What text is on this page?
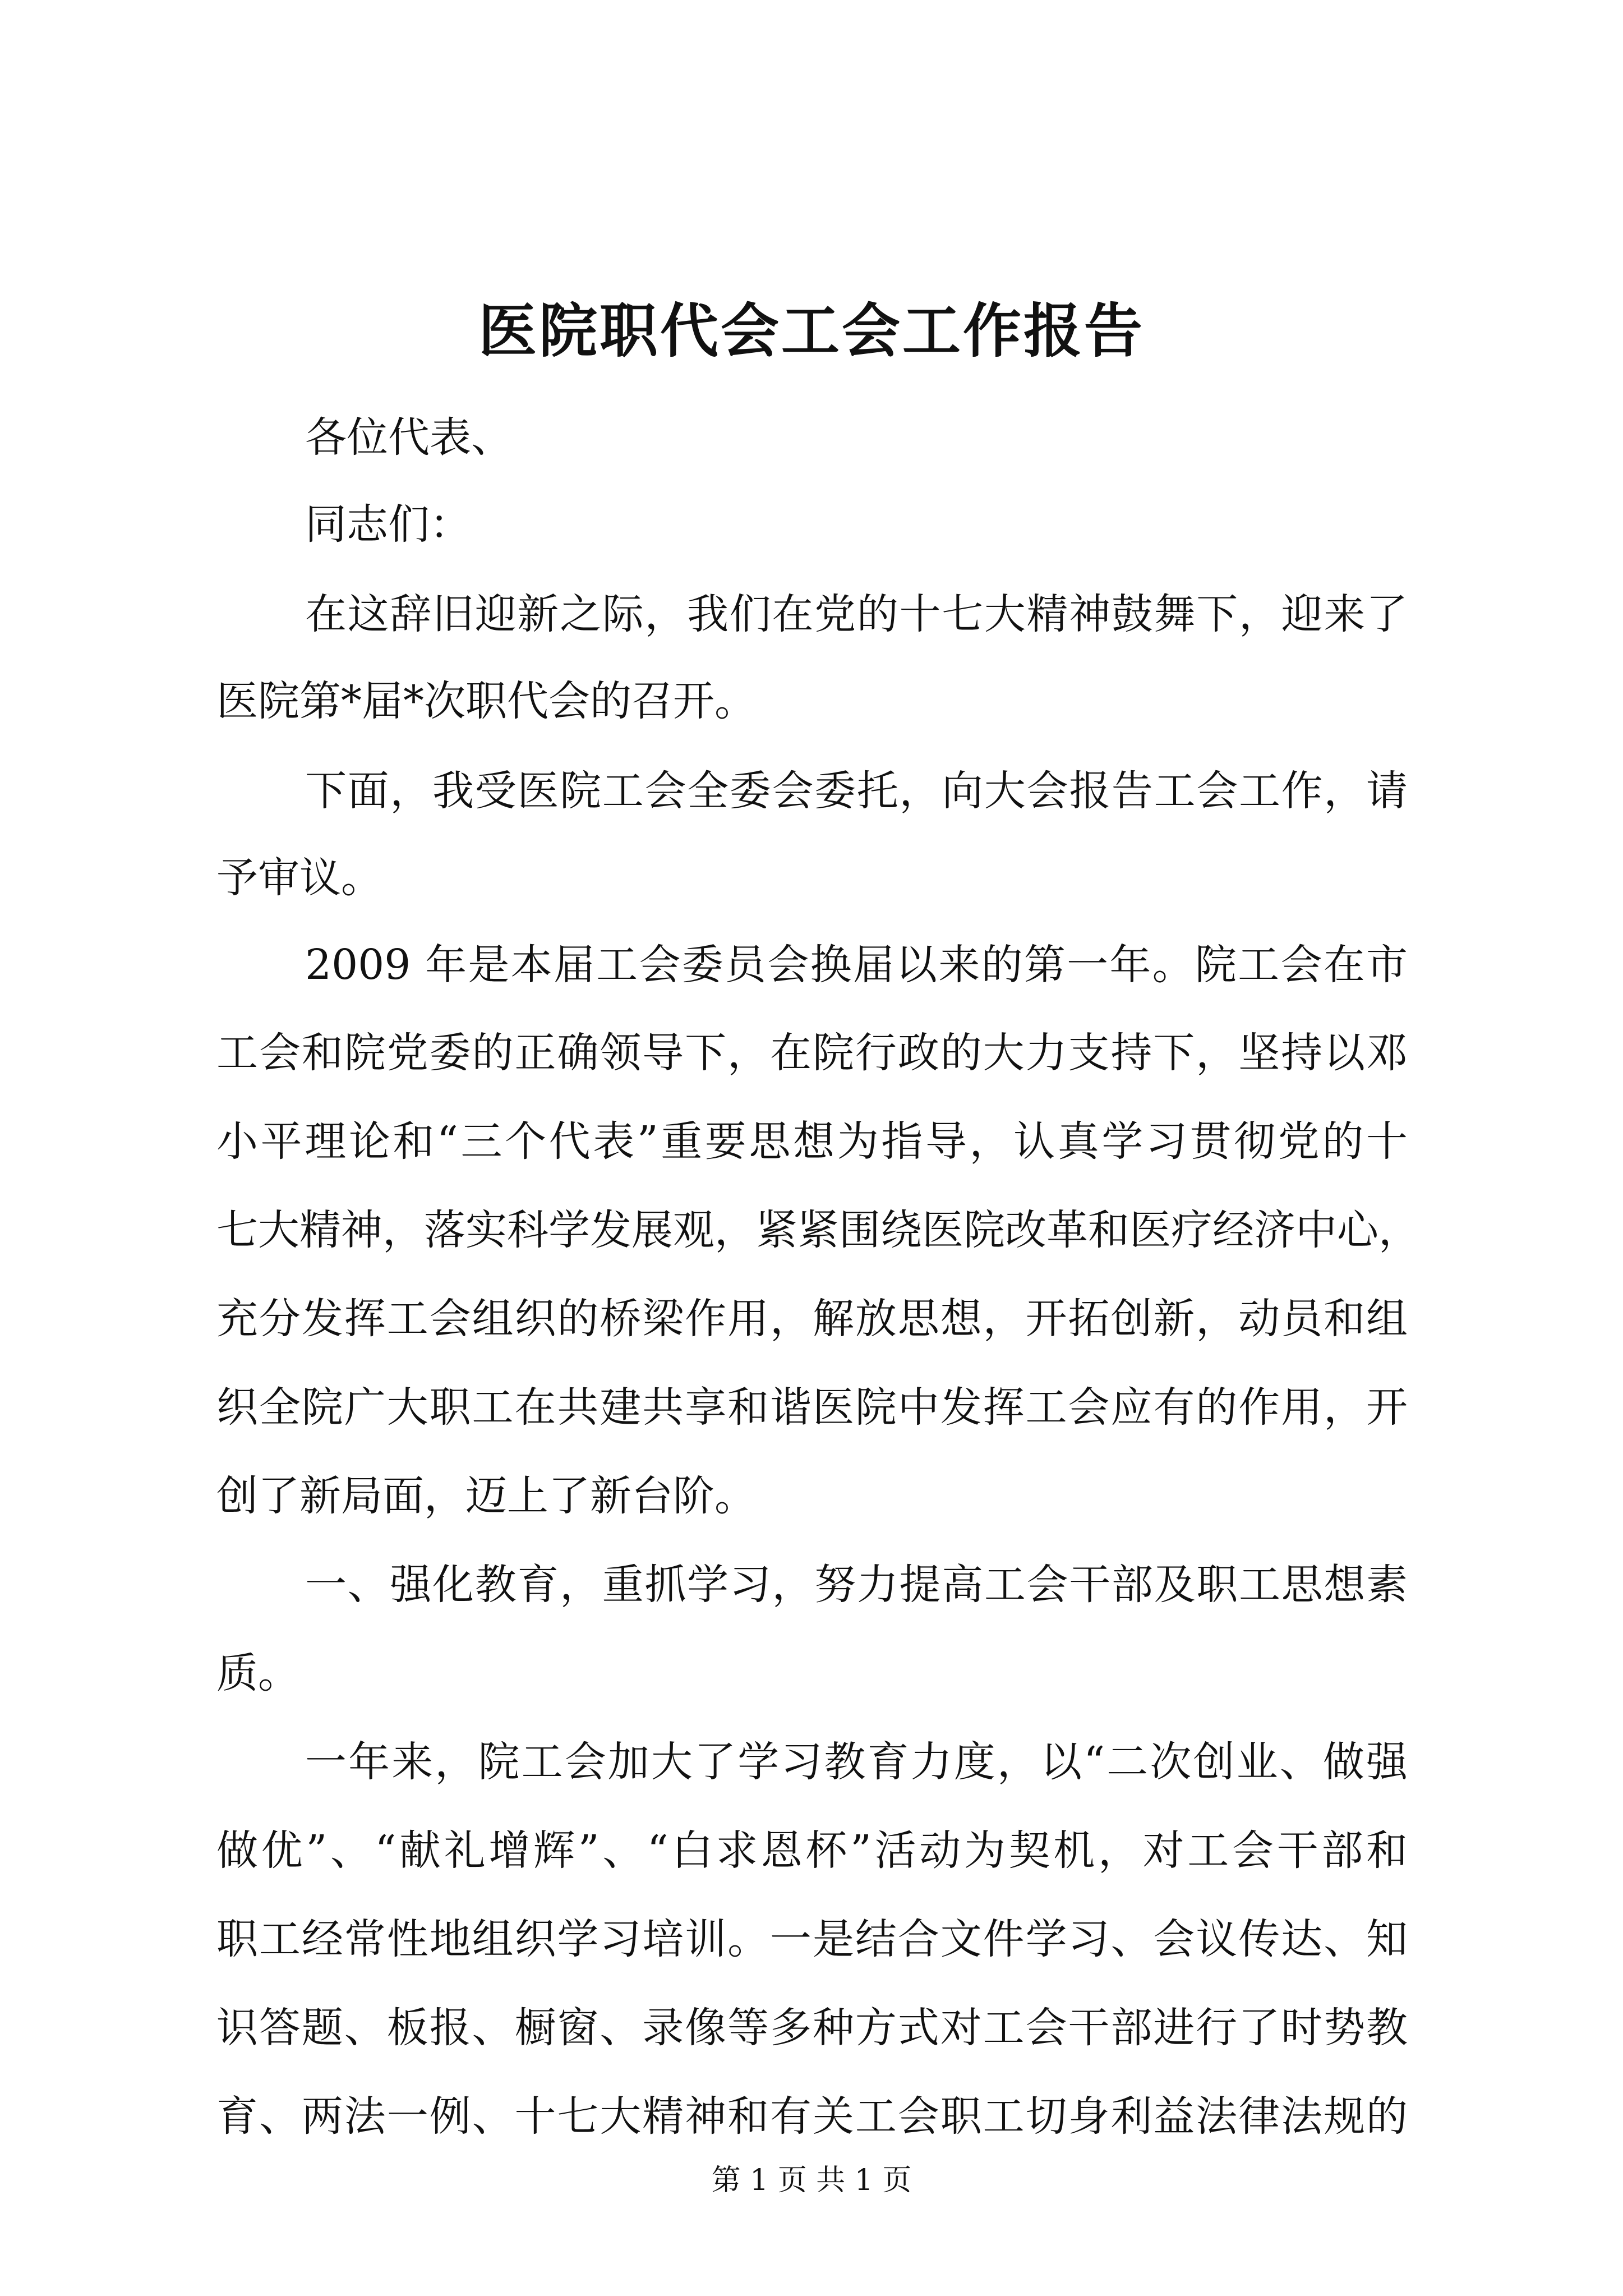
医院职代会工会工作报告

各位代表、

同志们：

在这辞旧迎新之际，我们在党的十七大精神鼓舞下，迎来了

医院第*届*次职代会的召开。

下面，我受医院工会全委会委托，向大会报告工会工作，请

予审议。

2009 年是本届工会委员会换届以来的第一年。院工会在市

工会和院党委的正确领导下，在院行政的大力支持下，坚持以邓

小平理论和“三个代表”重要思想为指导，认真学习贯彻党的十

七大精神，落实科学发展观，紧紧围绕医院改革和医疗经济中心，

充分发挥工会组织的桥梁作用，解放思想，开拓创新，动员和组

织全院广大职工在共建共享和谐医院中发挥工会应有的作用，开

创了新局面，迈上了新台阶。

一、强化教育，重抓学习，努力提高工会干部及职工思想素

质。

一年来，院工会加大了学习教育力度，以“二次创业、做强

做优”、“献礼增辉”、“白求恩杯”活动为契机，对工会干部和

职工经常性地组织学习培训。一是结合文件学习、会议传达、知

识答题、板报、橱窗、录像等多种方式对工会干部进行了时势教

育、两法一例、十七大精神和有关工会职工切身利益法律法规的

第 1 页 共 1 页
